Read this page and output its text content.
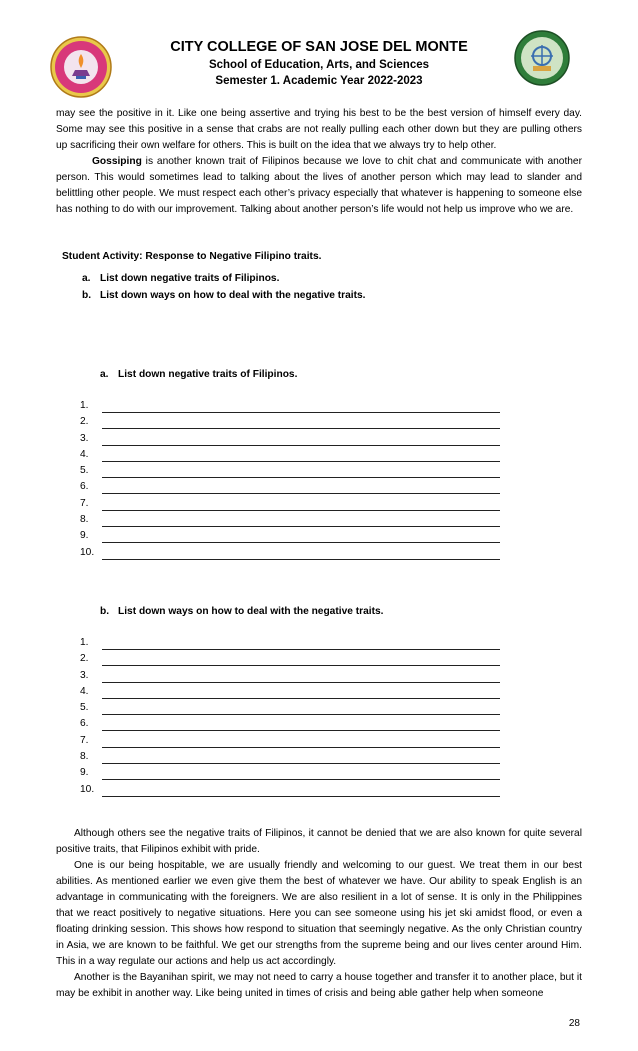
CITY COLLEGE OF SAN JOSE DEL MONTE
School of Education, Arts, and Sciences
Semester 1. Academic Year 2022-2023

may see the positive in it. Like one being assertive and trying his best to be the best version of himself every day. Some may see this positive in a sense that crabs are not really pulling each other down but they are pulling others up sacrificing their own welfare for others. This is built on the idea that we always try to help other.

Gossiping is another known trait of Filipinos because we love to chit chat and communicate with another person. This would sometimes lead to talking about the lives of another person which may lead to slander and belittling other people. We must respect each other’s privacy especially that whatever is happening to someone else has nothing to do with our improvement. Talking about another person’s life would not help us improve who we are.

Student Activity: Response to Negative Filipino traits.
a. List down negative traits of Filipinos.
b. List down ways on how to deal with the negative traits.
a. List down negative traits of Filipinos.
1.
2.
3.
4.
5.
6.
7.
8.
9.
10.
b. List down ways on how to deal with the negative traits.
1.
2.
3.
4.
5.
6.
7.
8.
9.
10.

Although others see the negative traits of Filipinos, it cannot be denied that we are also known for quite several positive traits, that Filipinos exhibit with pride.

One is our being hospitable, we are usually friendly and welcoming to our guest. We treat them in our best abilities. As mentioned earlier we even give them the best of whatever we have. Our ability to speak English is an advantage in communicating with the foreigners. We are also resilient in a lot of sense. It is only in the Philippines that we react positively to negative situations. Here you can see someone using his jet ski amidst flood, or even a floating drinking session. This shows how respond to situation that seemingly negative. As the only Christian country in Asia, we are known to be faithful. We get our strengths from the supreme being and our lives center around Him. This in a way regulate our actions and help us act accordingly.

Another is the Bayanihan spirit, we may not need to carry a house together and transfer it to another place, but it may be exhibit in another way. Like being united in times of crisis and being able gather help when someone

28
